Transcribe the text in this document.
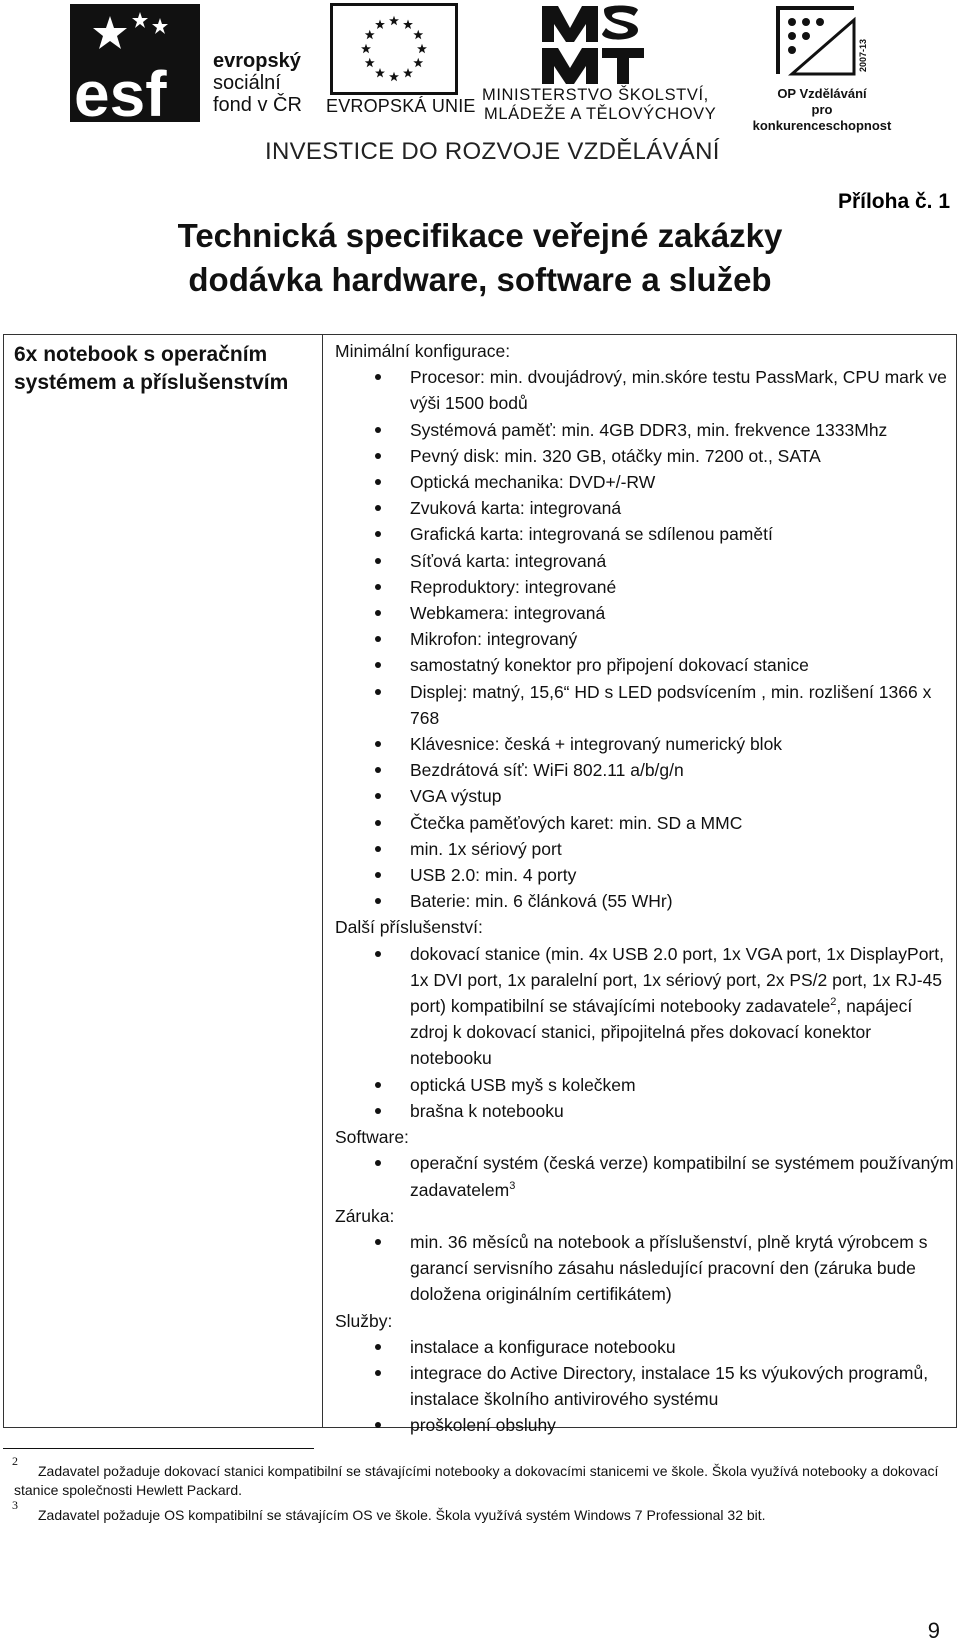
esf evropský
sociální
fond v ČR EVROPSKÁ UNIE
MINISTERSTVO ŠKOLSTVÍ,
MLÁDEŽE A TĚLOVÝCHOVY
2007-13
OP Vzdělávání
pro konkurenceschopnost
INVESTICE DO ROZVOJE VZDĚLÁVÁNÍ
Příloha č. 1
Technická specifikace veřejné zakázky
dodávka hardware, software a služeb
6x notebook s operačním
systémem a příslušenstvím
Minimální konfigurace:
Procesor: min. dvoujádrový, min.skóre testu PassMark, CPU mark ve výši 1500 bodů
Systémová paměť: min. 4GB DDR3, min. frekvence 1333Mhz
Pevný disk: min. 320 GB, otáčky min. 7200 ot., SATA
Optická mechanika: DVD+/-RW
Zvuková karta: integrovaná
Grafická karta: integrovaná se sdílenou pamětí
Síťová karta: integrovaná
Reproduktory: integrované
Webkamera: integrovaná
Mikrofon: integrovaný
samostatný konektor pro připojení dokovací stanice
Displej: matný, 15,6“ HD s LED podsvícením , min. rozlišení 1366 x 768
Klávesnice: česká + integrovaný numerický blok
Bezdrátová síť: WiFi 802.11 a/b/g/n
VGA výstup
Čtečka paměťových karet: min. SD a MMC
min. 1x sériový port
USB 2.0: min. 4 porty
Baterie: min. 6 článková (55 WHr)
Další příslušenství:
dokovací stanice (min. 4x USB 2.0 port, 1x VGA port, 1x DisplayPort, 1x DVI port, 1x paralelní port, 1x sériový port, 2x PS/2 port, 1x RJ-45 port) kompatibilní se stávajícími notebooky zadavatele$^2$, napájecí zdroj k dokovací stanici, připojitelná přes dokovací konektor notebooku
optická USB myš s kolečkem
brašna k notebooku
Software:
operační systém (česká verze) kompatibilní se systémem používaným zadavatelem$^3$
Záruka:
min. 36 měsíců na notebook a příslušenství, plně krytá výrobcem s garancí servisního zásahu následující pracovní den (záruka bude doložena originálním certifikátem)
Služby:
instalace a konfigurace notebooku
integrace do Active Directory, instalace 15 ks výukových programů, instalace školního antivirového systému
proškolení obsluhy
2
Zadavatel požaduje dokovací stanici kompatibilní se stávajícími notebooky a dokovacími stanicemi ve škole. Škola využívá notebooky a dokovací stanice společnosti Hewlett Packard.
3
Zadavatel požaduje OS kompatibilní se stávajícím OS ve škole. Škola využívá systém Windows 7 Professional 32 bit.
9
